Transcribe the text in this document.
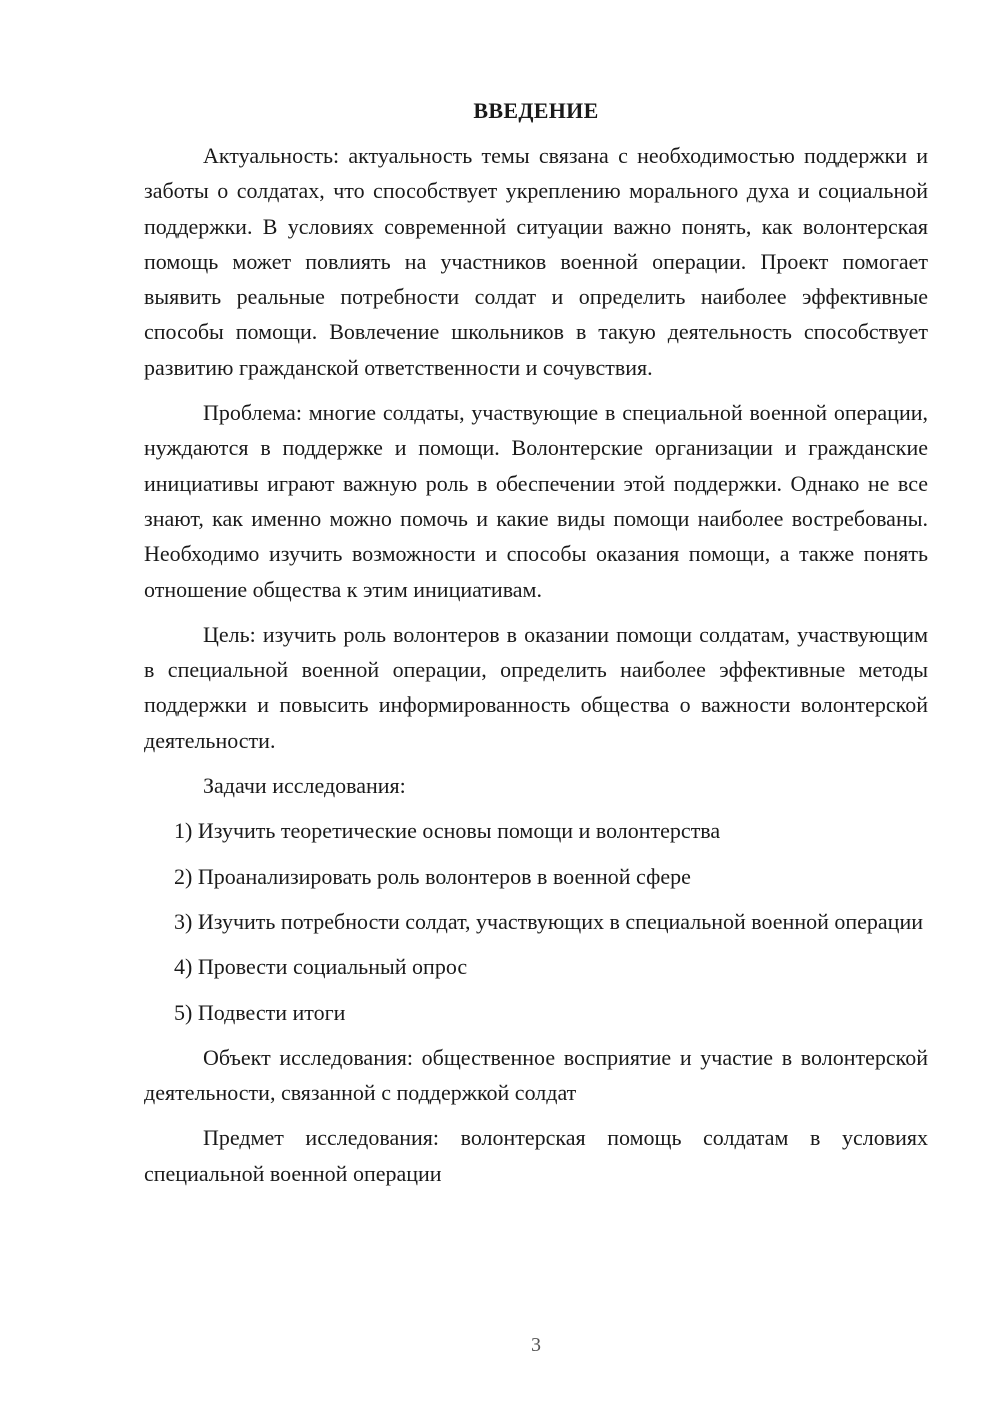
ВВЕДЕНИЕ

Актуальность: актуальность темы связана с необходимостью поддержки и заботы о солдатах, что способствует укреплению морального духа и социальной поддержки. В условиях современной ситуации важно понять, как волонтерская помощь может повлиять на участников военной операции. Проект помогает выявить реальные потребности солдат и определить наиболее эффективные способы помощи. Вовлечение школьников в такую деятельность способствует развитию гражданской ответственности и сочувствия.

Проблема: многие солдаты, участвующие в специальной военной операции, нуждаются в поддержке и помощи. Волонтерские организации и гражданские инициативы играют важную роль в обеспечении этой поддержки. Однако не все знают, как именно можно помочь и какие виды помощи наиболее востребованы. Необходимо изучить возможности и способы оказания помощи, а также понять отношение общества к этим инициативам.

Цель: изучить роль волонтеров в оказании помощи солдатам, участвующим в специальной военной операции, определить наиболее эффективные методы поддержки и повысить информированность общества о важности волонтерской деятельности.

Задачи исследования:

1) Изучить теоретические основы помощи и волонтерства

2) Проанализировать роль волонтеров в военной сфере

3) Изучить потребности солдат, участвующих в специальной военной операции

4) Провести социальный опрос

5) Подвести итоги

Объект исследования: общественное восприятие и участие в волонтерской деятельности, связанной с поддержкой солдат

Предмет исследования: волонтерская помощь солдатам в условиях специальной военной операции

3
